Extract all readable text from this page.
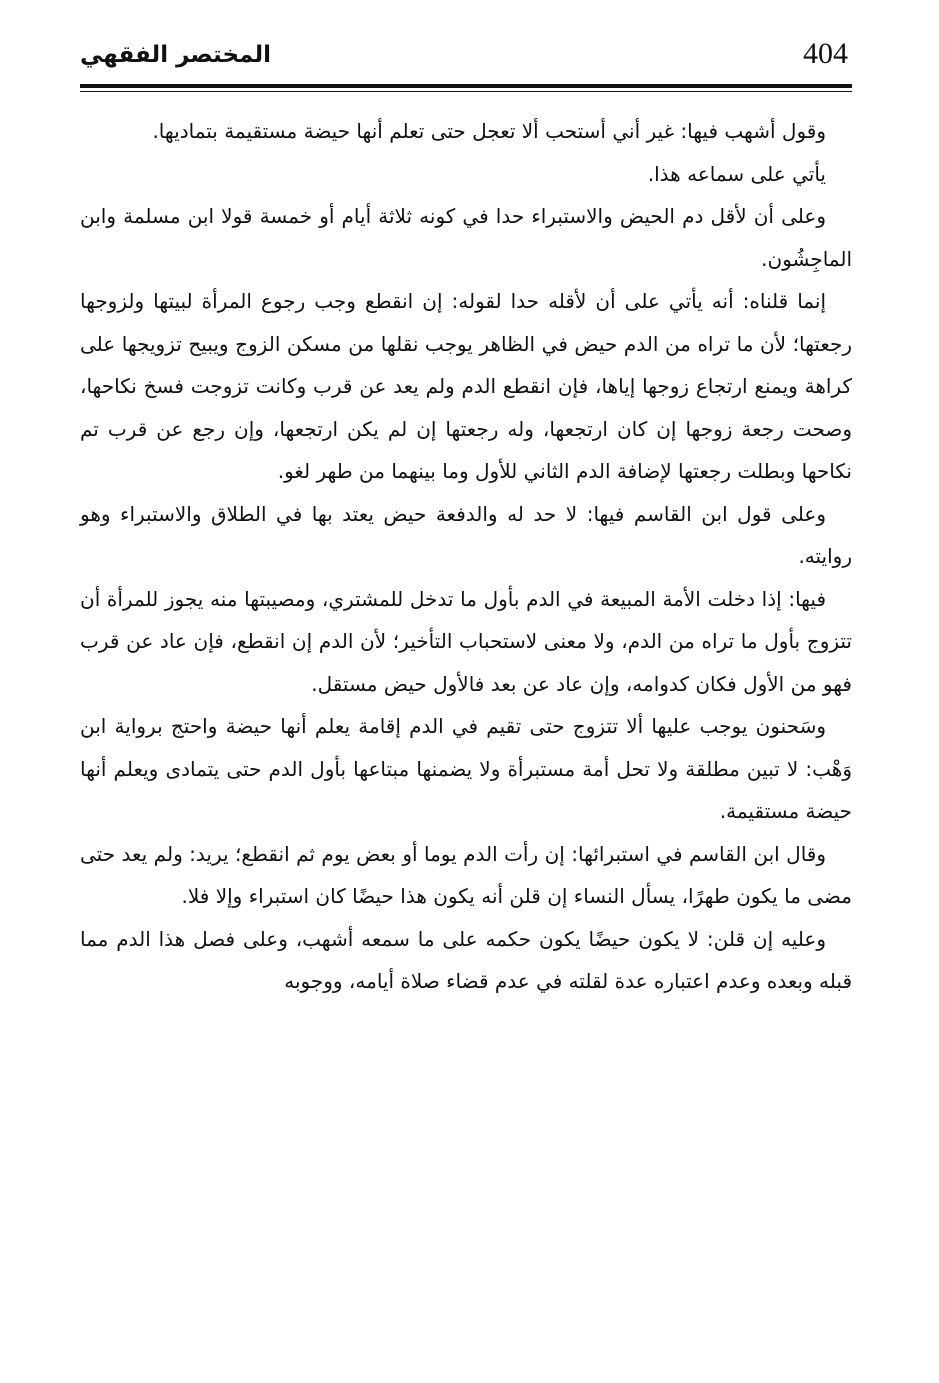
404
المختصر الفقهي

وقول أشهب فيها: غير أني أستحب ألا تعجل حتى تعلم أنها حيضة مستقيمة بتماديها.

يأتي على سماعه هذا.

وعلى أن لأقل دم الحيض والاستبراء حدا في كونه ثلاثة أيام أو خمسة قولا ابن مسلمة وابن الماجِشُون.

إنما قلناه: أنه يأتي على أن لأقله حدا لقوله: إن انقطع وجب رجوع المرأة لبيتها ولزوجها رجعتها؛ لأن ما تراه من الدم حيض في الظاهر يوجب نقلها من مسكن الزوج ويبيح تزويجها على كراهة ويمنع ارتجاع زوجها إياها، فإن انقطع الدم ولم يعد عن قرب وكانت تزوجت فسخ نكاحها، وصحت رجعة زوجها إن كان ارتجعها، وله رجعتها إن لم يكن ارتجعها، وإن رجع عن قرب تم نكاحها وبطلت رجعتها لإضافة الدم الثاني للأول وما بينهما من طهر لغو.

وعلى قول ابن القاسم فيها: لا حد له والدفعة حيض يعتد بها في الطلاق والاستبراء وهو روايته.

فيها: إذا دخلت الأمة المبيعة في الدم بأول ما تدخل للمشتري، ومصيبتها منه يجوز للمرأة أن تتزوج بأول ما تراه من الدم، ولا معنى لاستحباب التأخير؛ لأن الدم إن انقطع، فإن عاد عن قرب فهو من الأول فكان كدوامه، وإن عاد عن بعد فالأول حيض مستقل.

وسَحنون يوجب عليها ألا تتزوج حتى تقيم في الدم إقامة يعلم أنها حيضة واحتج برواية ابن وَهْب: لا تبين مطلقة ولا تحل أمة مستبرأة ولا يضمنها مبتاعها بأول الدم حتى يتمادى ويعلم أنها حيضة مستقيمة.

وقال ابن القاسم في استبرائها: إن رأت الدم يوما أو بعض يوم ثم انقطع؛ يريد: ولم يعد حتى مضى ما يكون طهرًا، يسأل النساء إن قلن أنه يكون هذا حيضًا كان استبراء وإلا فلا.

وعليه إن قلن: لا يكون حيضًا يكون حكمه على ما سمعه أشهب، وعلى فصل هذا الدم مما قبله وبعده وعدم اعتباره عدة لقلته في عدم قضاء صلاة أيامه، ووجوبه
